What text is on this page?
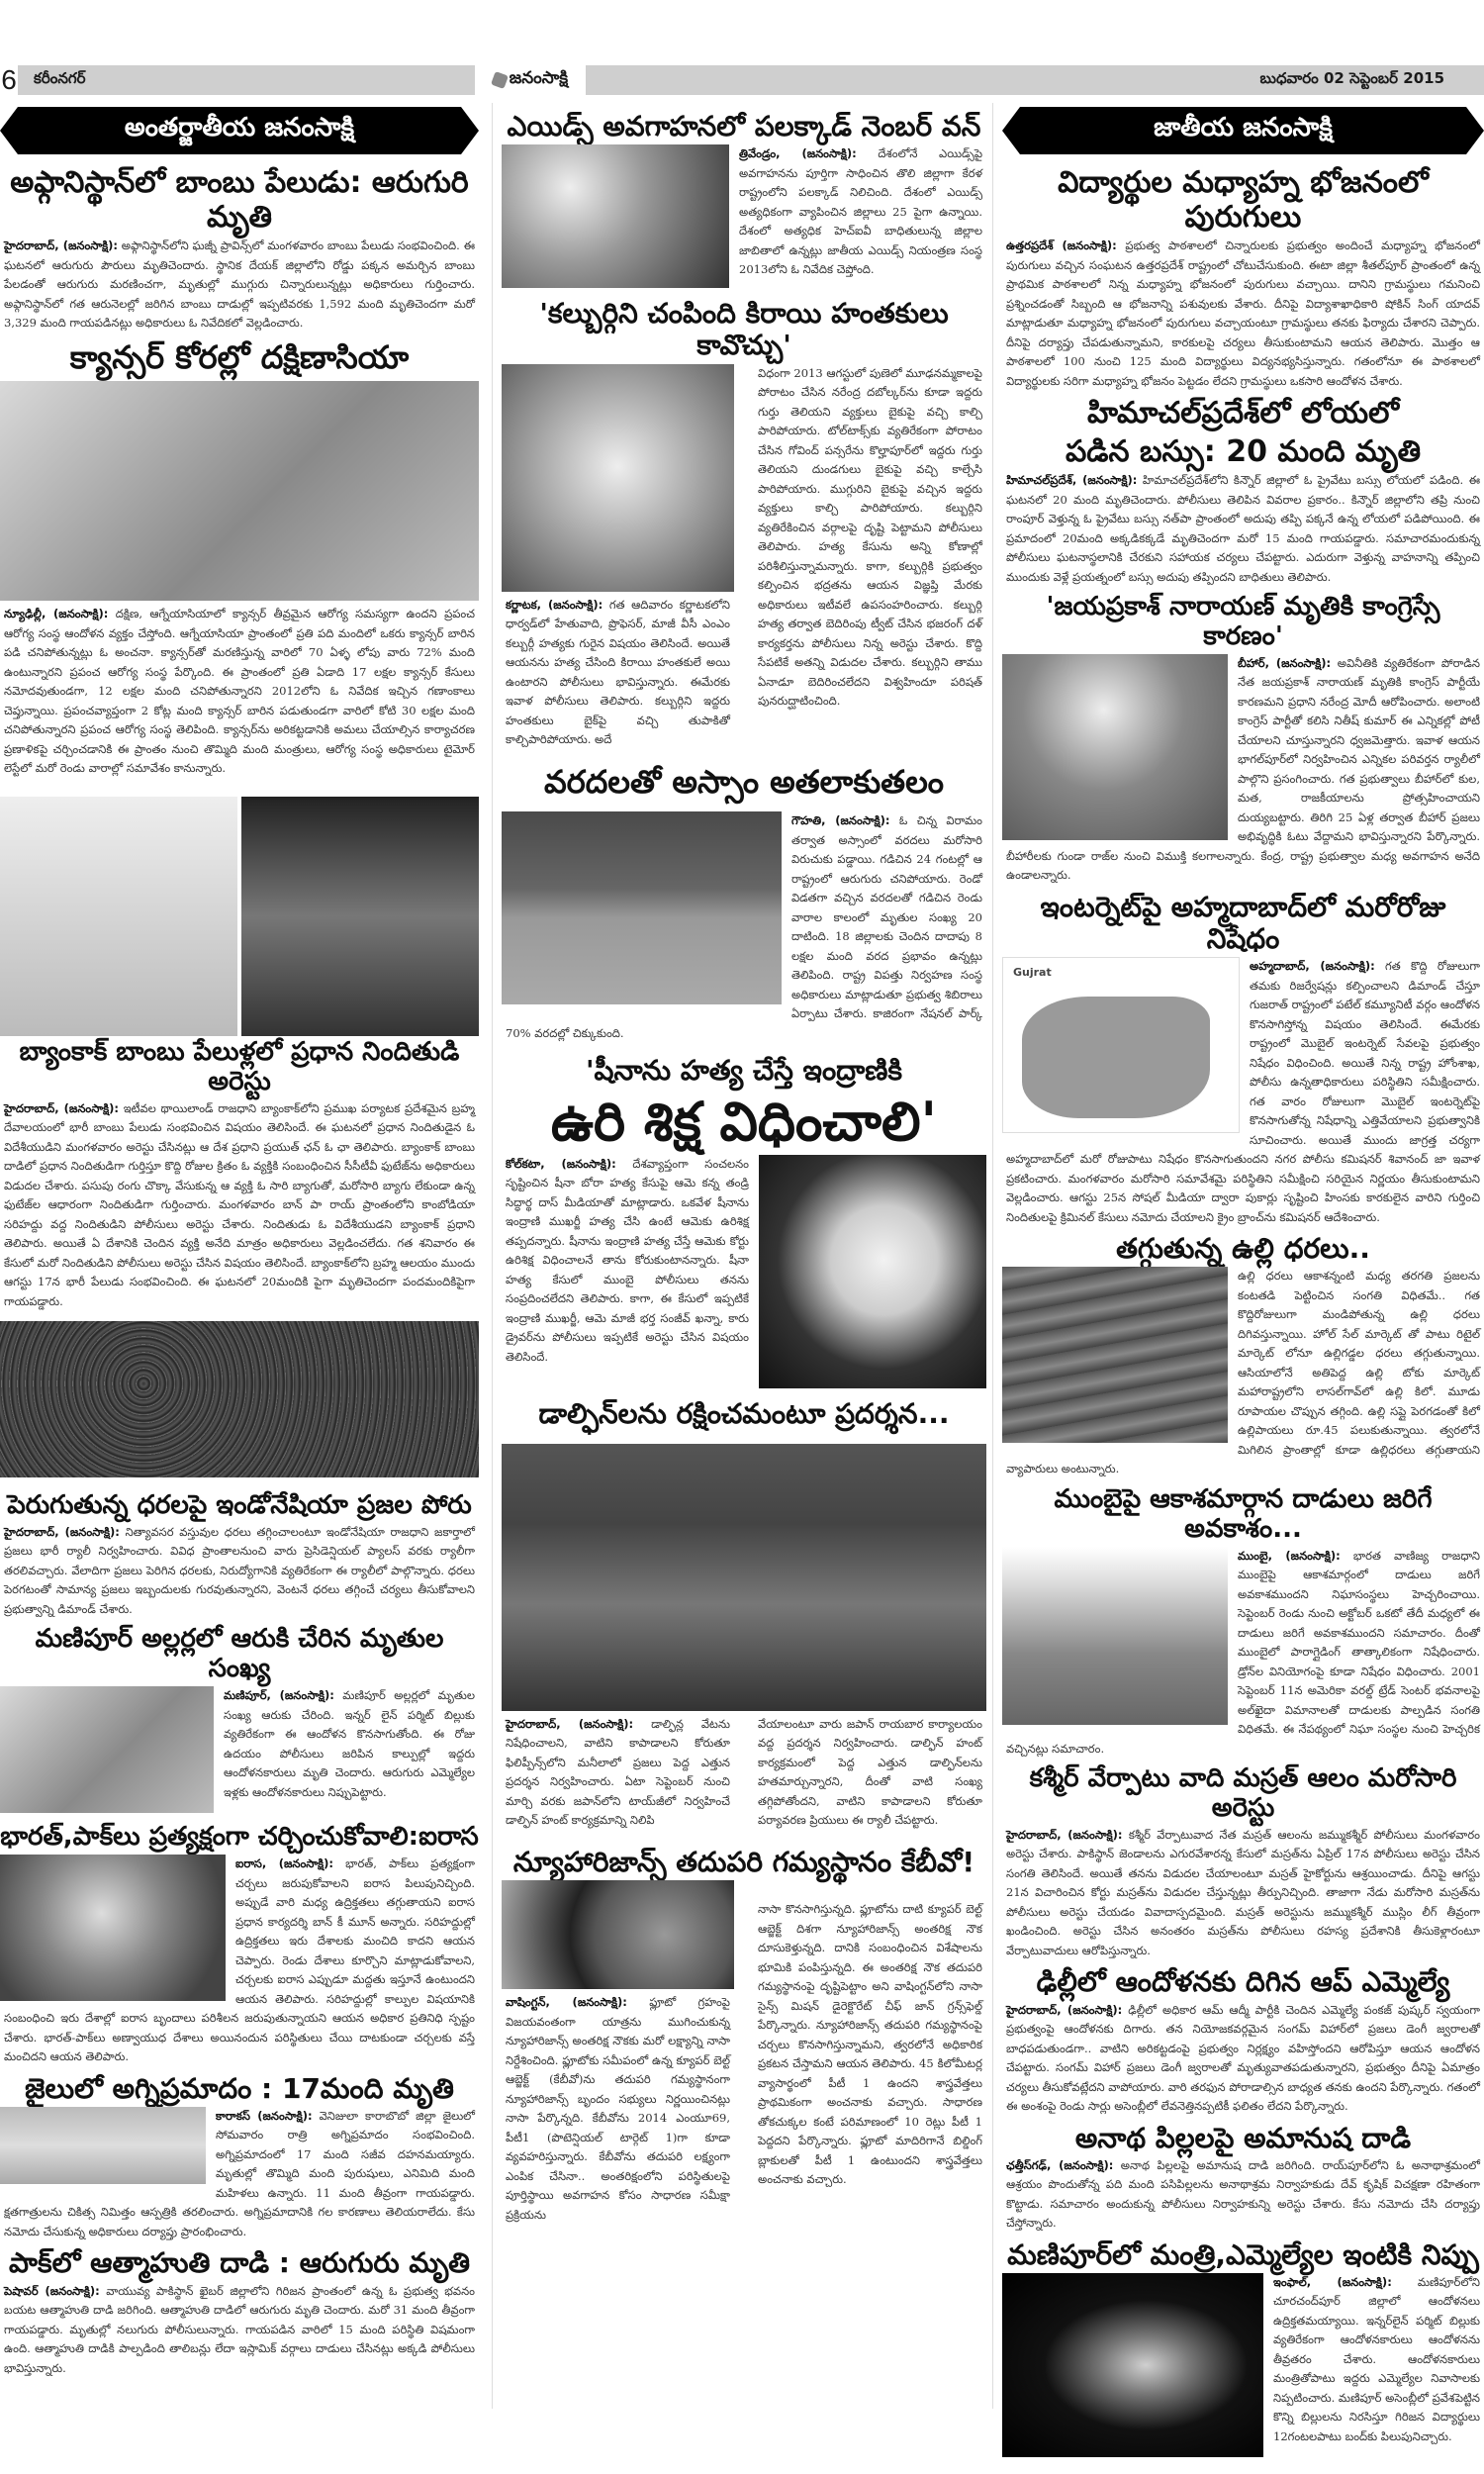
6	కరీంనగర్	జనంసాక్షి	బుధవారం 02 సెప్టెంబర్ 2015
అంతర్జాతీయ జనంసాక్షి
అఫ్గానిస్థాన్‌లో బాంబు పేలుడు: ఆరుగురి మృతి

హైదరాబాద్, (జనంసాక్షి): అఫ్గానిస్థాన్‌లోని ఘజ్నీ ప్రావిన్స్‌లో మంగళవారం బాంబు పేలుడు సంభవించింది. ఈ ఘటనలో ఆరుగురు పౌరులు మృతిచెందారు. స్థానిక దేయక్ జిల్లాలోని రోడ్డు పక్కన అమర్చిన బాంబు పేలడంతో ఆరుగురు మరణించగా, మృతుల్లో ముగ్గురు చిన్నారులున్నట్లు అధికారులు గుర్తించారు. అఫ్గానిస్థాన్‌లో గత ఆరునెలల్లో జరిగిన బాంబు దాడుల్లో ఇప్పటివరకు 1,592 మంది మృతిచెందగా మరో 3,329 మంది గాయపడినట్లు అధికారులు ఓ నివేదికలో వెల్లడించారు.

క్యాన్సర్ కోరల్లో దక్షిణాసియా

న్యూఢిల్లీ, (జనంసాక్షి): దక్షిణ, ఆగ్నేయాసియాలో క్యాన్సర్ తీవ్రమైన ఆరోగ్య సమస్యగా ఉందని ప్రపంచ ఆరోగ్య సంస్థ ఆందోళన వ్యక్తం చేస్తోంది. ఆగ్నేయాసియా ప్రాంతంలో ప్రతి పది మందిలో ఒకరు క్యాన్సర్ బారిన పడి చనిపోతున్నట్లు ఓ అంచనా. క్యాన్సర్‌తో మరణిస్తున్న వారిలో 70 ఏళ్ళ లోపు వారు 72% మంది ఉంటున్నారని ప్రపంచ ఆరోగ్య సంస్థ పేర్కొంది. ఈ ప్రాంతంలో ప్రతి ఏడాది 17 లక్షల క్యాన్సర్ కేసులు నమోదవుతుండగా, 12 లక్షల మంది చనిపోతున్నారని 2012లోని ఓ నివేదిక ఇచ్చిన గణాంకాలు చెప్తున్నాయి. ప్రపంచవ్యాప్తంగా 2 కోట్ల మంది క్యాన్సర్ బారిన పడుతుండగా వారిలో కోటి 30 లక్షల మంది చనిపోతున్నారని ప్రపంచ ఆరోగ్య సంస్థ తెలిపింది. క్యాన్సర్‌ను అరికట్టడానికి అమలు చేయాల్సిన కార్యాచరణ ప్రణాళికపై చర్చించడానికి ఈ ప్రాంతం నుంచి తొమ్మిది మంది మంత్రులు, ఆరోగ్య సంస్థ అధికారులు టైమోర్ లెస్టేలో మరో రెండు వారాల్లో సమావేశం కానున్నారు.

బ్యాంకాక్ బాంబు పేలుళ్లలో ప్రధాన నిందితుడి అరెస్టు

హైదరాబాద్, (జనంసాక్షి): ఇటీవల థాయిలాండ్ రాజధాని బ్యాంకాక్‌లోని ప్రముఖ పర్యాటక ప్రదేశమైన బ్రహ్మ దేవాలయంలో భారీ బాంబు పేలుడు సంభవించిన విషయం తెలిసిందే. ఈ ఘటనలో ప్రధాన నిందితుడైన ఓ విదేశీయుడిని మంగళవారం అరెస్టు చేసినట్లు ఆ దేశ ప్రధాని ప్రయుత్ ఛన్ ఓ ఛా తెలిపారు. బ్యాంకాక్ బాంబు దాడిలో ప్రధాన నిందితుడిగా గుర్తిస్తూ కొద్ది రోజుల క్రితం ఓ వ్యక్తికి సంబంధించిన సీసీటీవీ ఫుటేజ్‌ను అధికారులు విడుదల చేశారు. పసుపు రంగు చొక్కా వేసుకున్న ఆ వ్యక్తి ఓ సారి బ్యాగుతో, మరోసారి బ్యాగు లేకుండా ఉన్న ఫుటేజ్‌ల ఆధారంగా నిందితుడిగా గుర్తించారు. మంగళవారం బాన్ పా రాయ్ ప్రాంతంలోని కాంబోడియా సరిహద్దు వద్ద నిందితుడిని పోలీసులు అరెస్టు చేశారు. నిందితుడు ఓ విదేశీయుడని బ్యాంకాక్ ప్రధాని తెలిపారు. అయితే ఏ దేశానికి చెందిన వ్యక్తి అనేది మాత్రం అధికారులు వెల్లడించలేదు. గత శనివారం ఈ కేసులో మరో నిందితుడిని పోలీసులు అరెస్టు చేసిన విషయం తెలిసిందే. బ్యాంకాక్‌లోని బ్రహ్మ ఆలయం ముందు ఆగస్టు 17న భారీ పేలుడు సంభవించింది. ఈ ఘటనలో 20మందికి పైగా మృతిచెందగా పందమందికిపైగా గాయపడ్డారు.

పెరుగుతున్న ధరలపై ఇండోనేషియా ప్రజల పోరు

హైదరాబాద్, (జనంసాక్షి): నిత్యావసర వస్తువుల ధరలు తగ్గించాలంటూ ఇండోనేషియా రాజధాని జకార్తాలో ప్రజలు భారీ ర్యాలీ నిర్వహించారు. వివిధ ప్రాంతాలనుంచి వారు ప్రెసిడెన్షియల్ ప్యాలస్ వరకు ర్యాలీగా తరలివచ్చారు. వేలాదిగా ప్రజలు పెరిగిన ధరలకు, నిరుద్యోగానికి వ్యతిరేకంగా ఈ ర్యాలీలో పాల్గొన్నారు. ధరలు పెరగటంతో సామాన్య ప్రజలు ఇబ్బందులకు గురవుతున్నారని, వెంటనే ధరలు తగ్గించే చర్యలు తీసుకోవాలని ప్రభుత్వాన్ని డిమాండ్ చేశారు.

మణిపూర్ అల్లర్లలో ఆరుకి చేరిన మృతుల సంఖ్య

మణిపూర్, (జనంసాక్షి): మణిపూర్ అల్లర్లలో మృతుల సంఖ్య ఆరుకు చేరింది. ఇన్నర్ లైన్ పర్మిట్ బిల్లుకు వ్యతిరేకంగా ఈ ఆందోళన కొనసాగుతోంది. ఈ రోజు ఉదయం పోలీసులు జరిపిన కాల్పుల్లో ఇద్దరు ఆందోళనకారులు మృతి చెందారు. ఆరుగురు ఎమ్మెల్యేల ఇళ్లకు ఆందోళనకారులు నిప్పుపెట్టారు.

భారత్,పాక్‌లు ప్రత్యక్షంగా చర్చించుకోవాలి:ఐరాస

ఐరాస, (జనంసాక్షి): భారత్, పాక్‌లు ప్రత్యక్షంగా చర్చలు జరుపుకోవాలని ఐరాస పిలుపునిచ్చింది. అప్పుడే వారి మధ్య ఉద్రిక్తతలు తగ్గుతాయని ఐరాస ప్రధాన కార్యదర్శి బాన్ కీ మూన్ అన్నారు. సరిహద్దుల్లో ఉద్రిక్తతలు ఇరు దేశాలకు మంచిది కాదని ఆయన చెప్పారు. రెండు దేశాలు కూర్చొని మాట్లాడుకోవాలని, చర్చలకు ఐరాస ఎప్పుడూ మద్దతు ఇస్తూనే ఉంటుందని ఆయన తెలిపారు. సరిహద్దుల్లో కాల్పుల విషయానికి సంబంధించి ఇరు దేశాల్లో ఐరాస బృందాలు పరిశీలన జరుపుతున్నాయని ఆయన అధికార ప్రతినిధి స్పష్టం చేశారు. భారత్-పాక్‌లు అణ్వాయుధ దేశాలు అయినందున పరిస్థితులు చేయి దాటకుండా చర్చలకు వస్తే మంచిదని ఆయన తెలిపారు.

జైలులో అగ్నిప్రమాదం : 17మంది మృతి

కారాకస్ (జనంసాక్షి): వెనిజులా కారాబొబో జిల్లా జైలులో సోమవారం రాత్రి అగ్నిప్రమాదం సంభవించింది. అగ్నిప్రమాదంలో 17 మంది సజీవ దహనమయ్యారు. మృతుల్లో తొమ్మిది మంది పురుషులు, ఎనిమిది మంది మహిళలు ఉన్నారు. 11 మంది తీవ్రంగా గాయపడ్డారు. క్షతగాత్రులను చికిత్స నిమిత్తం ఆస్పత్రికి తరలించారు. అగ్నిప్రమాదానికి గల కారణాలు తెలియరాలేదు. కేసు నమోదు చేసుకున్న అధికారులు దర్యాప్తు ప్రారంభించారు.

పాక్‌లో ఆత్మాహుతి దాడి : ఆరుగురు మృతి

పెషావర్ (జనంసాక్షి): వాయువ్య పాకిస్థాన్ ఖైబర్ జిల్లాలోని గిరిజన ప్రాంతంలో ఉన్న ఓ ప్రభుత్వ భవనం బయట ఆత్మాహుతి దాడి జరిగింది. ఆత్మాహుతి దాడిలో ఆరుగురు మృతి చెందారు. మరో 31 మంది తీవ్రంగా గాయపడ్డారు. మృతుల్లో నలుగురు పోలీసులున్నారు. గాయపడిన వారిలో 15 మంది పరిస్థితి విషమంగా ఉంది. ఆత్మాహుతి దాడికి పాల్పడింది తాలిబన్లు లేదా ఇస్లామిక్ వర్గాలు దాడులు చేసినట్లు అక్కడి పోలీసులు భావిస్తున్నారు.

ఎయిడ్స్ అవగాహనలో పలక్కాడ్ నెంబర్ వన్

త్రివేండ్రం, (జనంసాక్షి): దేశంలోనే ఎయిడ్స్‌పై అవగాహనను పూర్తిగా సాధించిన తొలి జిల్లాగా కేరళ రాష్ట్రంలోని పలక్కాడ్ నిలిచింది. దేశంలో ఎయిడ్స్ అత్యధికంగా వ్యాపించిన జిల్లాలు 25 పైగా ఉన్నాయి. దేశంలో అత్యధిక హెచ్‌ఐవీ బాధితులున్న జిల్లాల జాబితాలో ఉన్నట్లు జాతీయ ఎయిడ్స్ నియంత్రణ సంస్థ 2013లోని ఓ నివేదిక చెప్తోంది.

'కల్బుర్గిని చంపింది కిరాయి హంతకులు కావొచ్చు'

కర్ణాటక, (జనంసాక్షి): గత ఆదివారం కర్ణాటకలోని ధార్వడ్‌లో హేతువాది, ప్రొఫెసర్, మాజీ వీసీ ఎంఎం కల్బుర్గీ హత్యకు గురైన విషయం తెలిసిందే. అయితే ఆయనను హత్య చేసింది కిరాయి హంతకులే అయి ఉంటారని పోలీసులు భావిస్తున్నారు. ఈమేరకు ఇవాళ పోలీసులు తెలిపారు. కల్బుర్గిని ఇద్దరు హంతకులు బైక్‌పై వచ్చి తుపాకితో కాల్చిపారిపోయారు. అదే

విధంగా 2013 ఆగస్టులో పుణెలో మూఢనమ్మకాలపై పోరాటం చేసిన నరేంద్ర దబోల్కర్‌ను కూడా ఇద్దరు గుర్తు తెలియని వ్యక్తులు బైకుపై వచ్చి కాల్చి పారిపోయారు. టోల్‌టాక్స్‌కు వ్యతిరేకంగా పోరాటం చేసిన గోవింద్ పన్సరేను కొల్హాపూర్‌లో ఇద్దరు గుర్తు తెలియని దుండగులు బైకుపై వచ్చి కాల్చేసి పారిపోయారు. ముగ్గురిని బైకుపై వచ్చిన ఇద్దరు వ్యక్తులు కాల్చి పారిపోయారు. కల్బుర్గిని వ్యతిరేకించిన వర్గాలపై దృష్టి పెట్టామని పోలీసులు తెలిపారు. హత్య కేసును అన్ని కోణాల్లో పరిశీలిస్తున్నామన్నారు. కాగా, కల్బుర్గికి ప్రభుత్వం కల్పించిన భద్రతను ఆయన విజ్ఞప్తి మేరకు అధికారులు ఇటీవలే ఉపసంహరించారు. కల్బుర్గి హత్య తర్వాత బెదిరింపు ట్వీట్ చేసిన భజరంగ్ దళ్ కార్యకర్తను పోలీసులు నిన్న అరెస్టు చేశారు. కొద్ది సేపటికే అతన్ని విడుదల చేశారు. కల్బుర్గిని తాము ఏనాడూ బెదిరించలేదని విశ్వహిందూ పరిషత్ పునరుద్ఘాటించింది.

వరదలతో అస్సాం అతలాకుతలం

గౌహతి, (జనంసాక్షి): ఓ చిన్న విరామం తర్వాత అస్సాంలో వరదలు మరోసారి విరుచుకు పడ్డాయి. గడిచిన 24 గంటల్లో ఆ రాష్ట్రంలో ఆరుగురు చనిపోయారు. రెండో విడతగా వచ్చిన వరదలతో గడిచిన రెండు వారాల కాలంలో మృతుల సంఖ్య 20 దాటింది. 18 జిల్లాలకు చెందిన దాదాపు 8 లక్షల మంది వరద ప్రభావం ఉన్నట్లు తెలిపింది. రాష్ట్ర విపత్తు నిర్వహణ సంస్థ అధికారులు మాట్లాడుతూ ప్రభుత్వ శిబిరాలు ఏర్పాటు చేశారు. కాజిరంగా నేషనల్ పార్క్ 70% వరదల్లో చిక్కుకుంది.

'షీనాను హత్య చేస్తే ఇంద్రాణికి
ఉరి శిక్ష విధించాలి'

కోల్‌కటా, (జనంసాక్షి): దేశవ్యాప్తంగా సంచలనం సృష్టించిన షీనా బోరా హత్య కేసుపై ఆమె కన్న తండ్రి సిద్ధార్థ దాస్ మీడియాతో మాట్లాడారు. ఒకవేళ షీనాను ఇంద్రాణి ముఖర్జీ హత్య చేసి ఉంటే ఆమెకు ఉరిశిక్ష తప్పదన్నారు. షీనాను ఇంద్రాణి హత్య చేస్తే ఆమెకు కోర్టు ఉరిశిక్ష విధించాలనే తాను కోరుకుంటానన్నారు. షీనా హత్య కేసులో ముంబై పోలీసులు తనను సంప్రదించలేదని తెలిపారు. కాగా, ఈ కేసులో ఇప్పటికే ఇంద్రాణి ముఖర్జీ, ఆమె మాజీ భర్త సంజీవ్ ఖన్నా, కారు డ్రైవర్‌ను పోలీసులు ఇప్పటికే అరెస్టు చేసిన విషయం తెలిసిందే.

డాల్ఫిన్‌లను రక్షించమంటూ ప్రదర్శన...

హైదరాబాద్, (జనంసాక్షి): డాల్ఫిన్ల వేటను నిషేధించాలని, వాటిని కాపాడాలని కోరుతూ ఫిలిప్పీన్స్‌లోని మనీలాలో ప్రజలు పెద్ద ఎత్తున ప్రదర్శన నిర్వహించారు. ఏటా సెప్టెంబర్ నుంచి మార్చి వరకు జపాన్‌లోని టాయ్‌జీలో నిర్వహించే డాల్ఫిన్ హంట్ కార్యక్రమాన్ని నిలిపి

వేయాలంటూ వారు జపాన్ రాయబార కార్యాలయం వద్ద ప్రదర్శన నిర్వహించారు. డాల్ఫిన్ హంట్ కార్యక్రమంలో పెద్ద ఎత్తున డాల్ఫిన్‌లను హతమార్చున్నారని, దీంతో వాటి సంఖ్య తగ్గిపోతోందని, వాటిని కాపాడాలని కోరుతూ పర్యావరణ ప్రియులు ఈ ర్యాలీ చేపట్టారు.

న్యూహారిజాన్స్ తదుపరి గమ్యస్థానం కేబీవో!

వాషింగ్టన్, (జనంసాక్షి): ఫ్లూటో గ్రహంపై విజయవంతంగా యాత్రను ముగించుకున్న న్యూహారిజాన్స్ అంతరిక్ష నౌకకు మరో లక్ష్యాన్ని నాసా నిర్దేశించింది. ఫ్లూటోకు సమీపంలో ఉన్న క్యూపర్ బెల్ట్ ఆబ్జెక్ట్ (కేబీవో)ను తదుపరి గమ్యస్థానంగా న్యూహారిజాన్స్ బృందం సభ్యులు నిర్ణయించినట్లు నాసా పేర్కొన్నది. కేబీవోను 2014 ఎంయూ69, పీటీ1 (పొటెన్షియల్ టార్గెట్ 1)గా కూడా వ్యవహరిస్తున్నారు. కేబీవోను తదుపరి లక్ష్యంగా ఎంపిక చేసినా.. అంతరిక్షంలోని పరిస్థితులపై పూర్తిస్థాయి అవగాహన కోసం సాధారణ సమీక్షా ప్రక్రియను

నాసా కొనసాగిస్తున్నది. ఫ్లూటోను దాటి క్యూపర్ బెల్ట్ ఆబ్జెక్ట్ దిశగా న్యూహారిజాన్స్ అంతరిక్ష నౌక దూసుకెళ్తున్నది. దానికి సంబంధించిన విశేషాలను భూమికి పంపిస్తున్నది. ఈ అంతరిక్ష నౌక తదుపరి గమ్యస్థానంపై దృష్టిపెట్టాం అని వాషింగ్టన్‌లోని నాసా సైన్స్ మిషన్ డైరెక్టొరేట్ చీఫ్ జాన్ గ్రన్స్‌ఫెల్డ్ పేర్కొన్నారు. న్యూహారిజాన్స్ తదుపరి గమ్యస్థానంపై చర్చలు కొనసాగిస్తున్నామని, త్వరలోనే అధికారిక ప్రకటన చేస్తామని ఆయన తెలిపారు. 45 కిలోమీటర్ల వ్యాసార్థంలో పీటీ 1 ఉందని శాస్త్రవేత్తలు ప్రాథమికంగా అంచనాకు వచ్చారు. సాధారణ తోకచుక్కల కంటే పరిమాణంలో 10 రెట్లు పీటీ 1 పెద్దదని పేర్కొన్నారు. ఫ్లూటో మాదిరిగానే బిల్డింగ్ బ్లాకులతో పీటీ 1 ఉంటుందని శాస్త్రవేత్తలు అంచనాకు వచ్చారు.

జాతీయ జనంసాక్షి
విద్యార్థుల మధ్యాహ్న భోజనంలో పురుగులు

ఉత్తరప్రదేశ్ (జనంసాక్షి): ప్రభుత్వ పాఠశాలలో చిన్నారులకు ప్రభుత్వం అందించే మధ్యాహ్న భోజనంలో పురుగులు వచ్చిన సంఘటన ఉత్తరప్రదేశ్ రాష్ట్రంలో చోటుచేసుకుంది. ఈటా జిల్లా శీతల్‌పూర్ ప్రాంతంలో ఉన్న ప్రాథమిక పాఠశాలలో నిన్న మధ్యాహ్న భోజనంలో పురుగులు వచ్చాయి. దానిని గ్రామస్థులు గమనించి ప్రశ్నించడంతో సిబ్బంది ఆ భోజనాన్ని పశువులకు వేశారు. దీనిపై విద్యాశాఖాధికారి షోకిన్ సింగ్ యాదవ్ మాట్లాడుతూ మధ్యాహ్న భోజనంలో పురుగులు వచ్చాయంటూ గ్రామస్థులు తనకు ఫిర్యాదు చేశారని చెప్పారు. దీనిపై దర్యాప్తు చేపడుతున్నామని, కారకులపై చర్యలు తీసుకుంటామని ఆయన తెలిపారు. మొత్తం ఆ పాఠశాలలో 100 నుంచి 125 మంది విద్యార్థులు విద్యనభ్యసిస్తున్నారు. గతంలోనూ ఈ పాఠశాలలో విద్యార్థులకు సరిగా మధ్యాహ్న భోజనం పెట్టడం లేదని గ్రామస్థులు ఒకసారి ఆందోళన చేశారు.

హిమాచల్‌ప్రదేశ్‌లో లోయలో
పడిన బస్సు: 20 మంది మృతి

హిమాచల్‌ప్రదేశ్, (జనంసాక్షి): హిమాచల్‌ప్రదేశ్‌లోని కిన్నౌర్ జిల్లాలో ఓ ప్రైవేటు బస్సు లోయలో పడింది. ఈ ఘటనలో 20 మంది మృతిచెందారు. పోలీసులు తెలిపిన వివరాల ప్రకారం.. కిన్నౌర్ జిల్లాలోని తప్రి నుంచి రాంపూర్ వెళ్తున్న ఓ ప్రైవేటు బస్సు నత్‌పా ప్రాంతంలో అదుపు తప్పి పక్కనే ఉన్న లోయలో పడిపోయింది. ఈ ప్రమాదంలో 20మంది అక్కడికక్కడే మృతిచెందగా మరో 15 మంది గాయపడ్డారు. సమాచారమందుకున్న పోలీసులు ఘటనాస్థలానికి చేరకుని సహాయక చర్యలు చేపట్టారు. ఎదురుగా వెళ్తున్న వాహనాన్ని తప్పించి ముందుకు వెళ్లే ప్రయత్నంలో బస్సు అదుపు తప్పిందని బాధితులు తెలిపారు.

'జయప్రకాశ్ నారాయణ్ మృతికి కాంగ్రెస్సే కారణం'

బీహార్, (జనంసాక్షి): అవినీతికి వ్యతిరేకంగా పోరాడిన నేత జయప్రకాశ్ నారాయణ్ మృతికి కాంగ్రెస్ పార్టీయే కారణమని ప్రధాని నరేంద్ర మోదీ ఆరోపించారు. అలాంటి కాంగ్రెస్ పార్టీతో కలిసి నితీష్ కుమార్ ఈ ఎన్నికల్లో పోటీ చేయాలని చూస్తున్నారని ధ్వజమెత్తారు. ఇవాళ ఆయన భాగల్‌పూర్‌లో నిర్వహించిన ఎన్నికల పరివర్తన ర్యాలీలో పాల్గొని ప్రసంగించారు. గత ప్రభుత్వాలు బీహార్‌లో కుల, మత, రాజకీయాలను ప్రోత్సహించాయని దుయ్యబట్టారు. తిరిగి 25 ఏళ్ల తర్వాత బీహార్ ప్రజలు అభివృద్ధికి ఓటు వేద్దామని భావిస్తున్నారని పేర్కొన్నారు. బీహారీలకు గుండా రాజ్‌ల నుంచి విముక్తి కలగాలన్నారు. కేంద్ర, రాష్ట్ర ప్రభుత్వాల మధ్య అవగాహన అనేది ఉండాలన్నారు.

ఇంటర్నెట్‌పై అహ్మదాబాద్‌లో మరోరోజు నిషేధం
Gujrat	అహ్మదాబాద్, (జనంసాక్షి): గత కొద్ది రోజులుగా తమకు రిజర్వేషన్లు కల్పించాలని డిమాండ్ చేస్తూ గుజరాత్ రాష్ట్రంలో పటేల్ కమ్యూనిటీ వర్గం ఆందోళన కొనసాగిస్తోన్న విషయం తెలిసిందే. ఈమేరకు రాష్ట్రంలో మొబైల్ ఇంటర్నెట్ సేవలపై ప్రభుత్వం నిషేధం విధించింది. అయితే నిన్న రాష్ట్ర హోంశాఖ, పోలీసు ఉన్నతాధికారులు పరిస్థితిని సమీక్షించారు. గత వారం రోజులుగా మొబైల్ ఇంటర్నెట్‌పై కొనసాగుతోన్న నిషేధాన్ని ఎత్తివేయాలని ప్రభుత్వానికి సూచించారు. అయితే ముందు జాగ్రత్త చర్యగా అహ్మదాబాద్‌లో మరో రోజుపాటు నిషేధం కొనసాగుతుందని నగర పోలీసు కమిషనర్ శివానంద్ జా ఇవాళ ప్రకటించారు. మంగళవారం మరోసారి సమావేశమై పరిస్థితిని సమీక్షించి సరియైన నిర్ణయం తీసుకుంటామని వెల్లడించారు. ఆగస్టు 25న సోషల్ మీడియా ద్వారా పుకార్లు సృష్టించి హింసకు కారకులైన వారిని గుర్తించి నిందితులపై క్రిమినల్ కేసులు నమోదు చేయాలని క్రైం బ్రాంచ్‌ను కమిషనర్ ఆదేశించారు.

తగ్గుతున్న ఉల్లి ధరలు..

ఉల్లి ధరలు ఆకాశన్నంటి మధ్య తరగతి ప్రజలను కంటతడి పెట్టించిన సంగతి విధితమే.. గత కొద్దిరోజులుగా మండిపోతున్న ఉల్లి ధరలు దిగివస్తున్నాయి. హోల్ సేల్ మార్కెట్ తో పాటు రిటైల్ మార్కెట్ లోనూ ఉల్లిగడ్డల ధరలు తగ్గుతున్నాయి. ఆసియాలోనే అతిపెద్ద ఉల్లి టోకు మార్కెట్ మహారాష్ట్రలోని లాసల్‌గావ్‌లో ఉల్లి కిలో. మూడు రూపాయల చొప్పున తగ్గింది. ఉల్లి సప్లై పెరగడంతో కిలో ఉల్లిపాయలు రూ.45 పలుకుతున్నాయి. త్వరలోనే మిగిలిన ప్రాంతాల్లో కూడా ఉల్లిధరలు తగ్గుతాయని వ్యాపారులు అంటున్నారు.

ముంబైపై ఆకాశమార్గాన దాడులు జరిగే అవకాశం...

ముంబై, (జనంసాక్షి): భారత వాణిజ్య రాజధాని ముంబైపై ఆకాశమార్గంలో దాడులు జరిగే అవకాశముందని నిఘాసంస్థలు హెచ్చరించాయి. సెప్టెంబర్ రెండు నుంచి అక్టోబర్ ఒకటో తేదీ మధ్యలో ఈ దాడులు జరిగే అవకాశముందని సమాచారం. దీంతో ముంబైలో పారాగ్లైడింగ్ తాత్కాలికంగా నిషేధించారు. డ్రోన్‌ల వినియోగంపై కూడా నిషేధం విధించారు. 2001 సెప్టెంబర్ 11న అమెరికా వరల్డ్ ట్రేడ్ సెంటర్ భవనాలపై అల్‌ఖైదా విమానాలతో దాడులకు పాల్పడిన సంగతి విధితమే. ఈ నేపథ్యంలో నిఘా సంస్థల నుంచి హెచ్చరిక వచ్చినట్లు సమాచారం.

కశ్మీర్ వేర్పాటు వాది మస్రత్ ఆలం మరోసారి అరెస్టు

హైదరాబాద్, (జనంసాక్షి): కశ్మీర్ వేర్పాటువాద నేత మస్రత్ ఆలంను జమ్ముకశ్మీర్ పోలీసులు మంగళవారం అరెస్టు చేశారు. పాకిస్థాన్ జెండాలను ఎగురవేశారన్న కేసులో మస్రత్‌ను ఏప్రిల్ 17న పోలీసులు అరెస్టు చేసిన సంగతి తెలిసిందే. అయితే తనను విడుదల చేయాలంటూ మస్రత్ హైకోర్టును ఆశ్రయించాడు. దీనిపై ఆగస్టు 21న విచారించిన కోర్టు మస్రత్‌ను విడుదల చేస్తున్నట్లు తీర్పునిచ్చింది. తాజాగా నేడు మరోసారి మస్రత్‌ను పోలీసులు అరెస్టు చేయడం వివాదాస్పదమైంది. మస్రత్ అరెస్టును జమ్ముకశ్మీర్ ముస్లిం లీగ్ తీవ్రంగా ఖండించింది. అరెస్టు చేసిన అనంతరం మస్రత్‌ను పోలీసులు రహస్య ప్రదేశానికి తీసుకెళ్లారంటూ వేర్పాటువాదులు ఆరోపిస్తున్నారు.

ఢిల్లీలో ఆందోళనకు దిగిన ఆప్ ఎమ్మెల్యే

హైదరాబాద్, (జనంసాక్షి): ఢిల్లీలో అధికార ఆమ్ ఆద్మీ పార్టీకి చెందిన ఎమ్మెల్యే పంకజ్ పుష్కర్ స్వయంగా ప్రభుత్వంపై ఆందోళనకు దిగారు. తన నియోజకవర్గమైన సంగమ్ విహార్‌లో ప్రజలు డెంగీ జ్వరాలతో బాధపడుతుండగా.. వాటిని అరికట్టడంపై ప్రభుత్వం నిర్లక్ష్యం వహిస్తోందని ఆరోపిస్తూ ఆయన ఆందోళన చేపట్టారు. సంగమ్ విహార్ ప్రజలు డెంగీ జ్వరాలతో మృత్యువాతపడుతున్నారని, ప్రభుత్వం దీనిపై ఏమాత్రం చర్యలు తీసుకోవట్లేదని వాపోయారు. వారి తరఫున పోరాడాల్సిన బాధ్యత తనకు ఉందని పేర్కొన్నారు. గతంలో ఈ అంశంపై రెండు సార్లు అసెంబ్లీలో లేవనెత్తినప్పటికీ ఫలితం లేదని పేర్కొన్నారు.

అనాథ పిల్లలపై అమానుష దాడి

ఛత్తీస్‌గఢ్, (జనంసాక్షి): అనాథ పిల్లలపై అమానుష దాడి జరిగింది. రాయ్‌పూర్‌లోని ఓ అనాథాశ్రమంలో ఆశ్రయం పొందుతోన్న పది మంది పసిపిల్లలను అనాథాశ్రమ నిర్వాహకుడు దేవ్ కృషిక్ విచక్షణా రహితంగా కొట్టాడు. సమాచారం అందుకున్న పోలీసులు నిర్వాహకున్ని అరెస్టు చేశారు. కేసు నమోదు చేసి దర్యాప్తు చేస్తోన్నారు.

మణిపూర్‌లో మంత్రి,ఎమ్మెల్యేల ఇంటికి నిప్పు

ఇంఫాల్, (జనంసాక్షి): మణిపూర్‌లోని చూరచంద్‌పూర్ జిల్లాలో ఆందోళనలు ఉద్రిక్తతమయ్యాయి. ఇన్నర్‌లైన్ పర్మిట్ బిల్లుకు వ్యతిరేకంగా ఆందోళనకారులు ఆందోళనను తీవ్రతరం చేశారు. ఆందోళనకారులు మంత్రితోపాటు ఇద్దరు ఎమ్మెల్యేల నివాసాలకు నిప్పటించారు. మణిపూర్ అసెంబ్లీలో ప్రవేశపెట్టిన కొన్ని బిల్లులను నిరసిస్తూ గిరిజన విద్యార్థులు 12గంటలపాటు బంద్‌కు పిలుపునిచ్చారు.
